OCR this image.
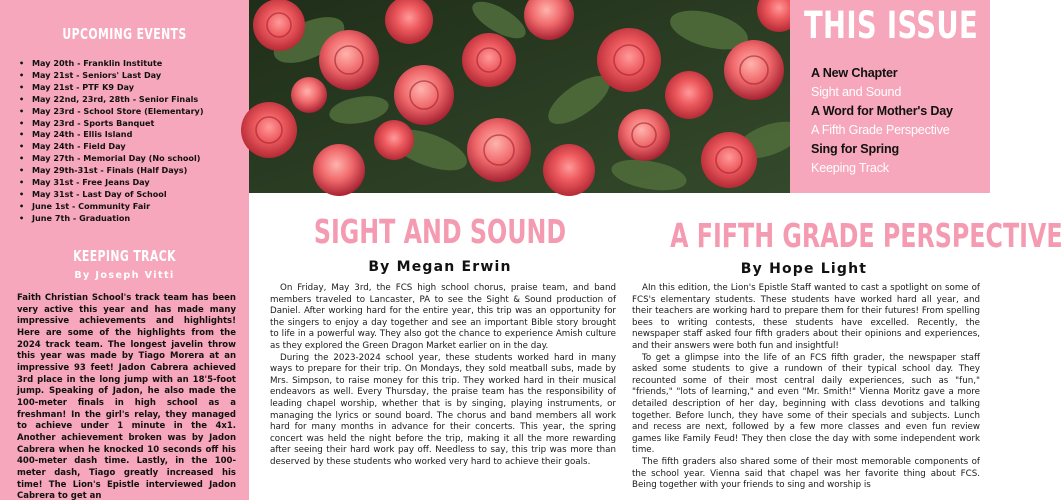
UPCOMING EVENTS
• May 20th - Franklin Institute
• May 21st - Seniors' Last Day
• May 21st - PTF K9 Day
• May 22nd, 23rd, 28th - Senior Finals
• May 23rd - School Store (Elementary)
• May 23rd - Sports Banquet
• May 24th - Ellis Island
• May 24th - Field Day
• May 27th - Memorial Day (No school)
• May 29th-31st - Finals (Half Days)
• May 31st - Free Jeans Day
• May 31st - Last Day of School
• June 1st - Community Fair
• June 7th - Graduation
KEEPING TRACK
By Joseph Vitti
Faith Christian School's track team has been very active this year and has made many impressive achievements and highlights! Here are some of the highlights from the 2024 track team. The longest javelin throw this year was made by Tiago Morera at an impressive 93 feet! Jadon Cabrera achieved 3rd place in the long jump with an 18'5-foot jump. Speaking of Jadon, he also made the 100-meter finals in high school as a freshman! In the girl's relay, they managed to achieve under 1 minute in the 4x1. Another achievement broken was by Jadon Cabrera when he knocked 10 seconds off his 400-meter dash time. Lastly, in the 100-meter dash, Tiago greatly increased his time! The Lion's Epistle interviewed Jadon Cabrera to get an
THIS ISSUE
A New Chapter
Sight and Sound
A Word for Mother's Day
A Fifth Grade Perspective
Sing for Spring
Keeping Track
SIGHT AND SOUND
By Megan Erwin

On Friday, May 3rd, the FCS high school chorus, praise team, and band members traveled to Lancaster, PA to see the Sight & Sound production of Daniel. After working hard for the entire year, this trip was an opportunity for the singers to enjoy a day together and see an important Bible story brought to life in a powerful way. They also got the chance to experience Amish culture as they explored the Green Dragon Market earlier on in the day.

During the 2023-2024 school year, these students worked hard in many ways to prepare for their trip. On Mondays, they sold meatball subs, made by Mrs. Simpson, to raise money for this trip. They worked hard in their musical endeavors as well. Every Thursday, the praise team has the responsibility of leading chapel worship, whether that is by singing, playing instruments, or managing the lyrics or sound board. The chorus and band members all work hard for many months in advance for their concerts. This year, the spring concert was held the night before the trip, making it all the more rewarding after seeing their hard work pay off. Needless to say, this trip was more than deserved by these students who worked very hard to achieve their goals.

A FIFTH GRADE PERSPECTIVE
By Hope Light

AIn this edition, the Lion's Epistle Staff wanted to cast a spotlight on some of FCS's elementary students. These students have worked hard all year, and their teachers are working hard to prepare them for their futures! From spelling bees to writing contests, these students have excelled. Recently, the newspaper staff asked four fifth graders about their opinions and experiences, and their answers were both fun and insightful!

To get a glimpse into the life of an FCS fifth grader, the newspaper staff asked some students to give a rundown of their typical school day. They recounted some of their most central daily experiences, such as "fun," "friends," "lots of learning," and even "Mr. Smith!" Vienna Moritz gave a more detailed description of her day, beginning with class devotions and talking together. Before lunch, they have some of their specials and subjects. Lunch and recess are next, followed by a few more classes and even fun review games like Family Feud! They then close the day with some independent work time.

The fifth graders also shared some of their most memorable components of the school year. Vienna said that chapel was her favorite thing about FCS. Being together with your friends to sing and worship is
